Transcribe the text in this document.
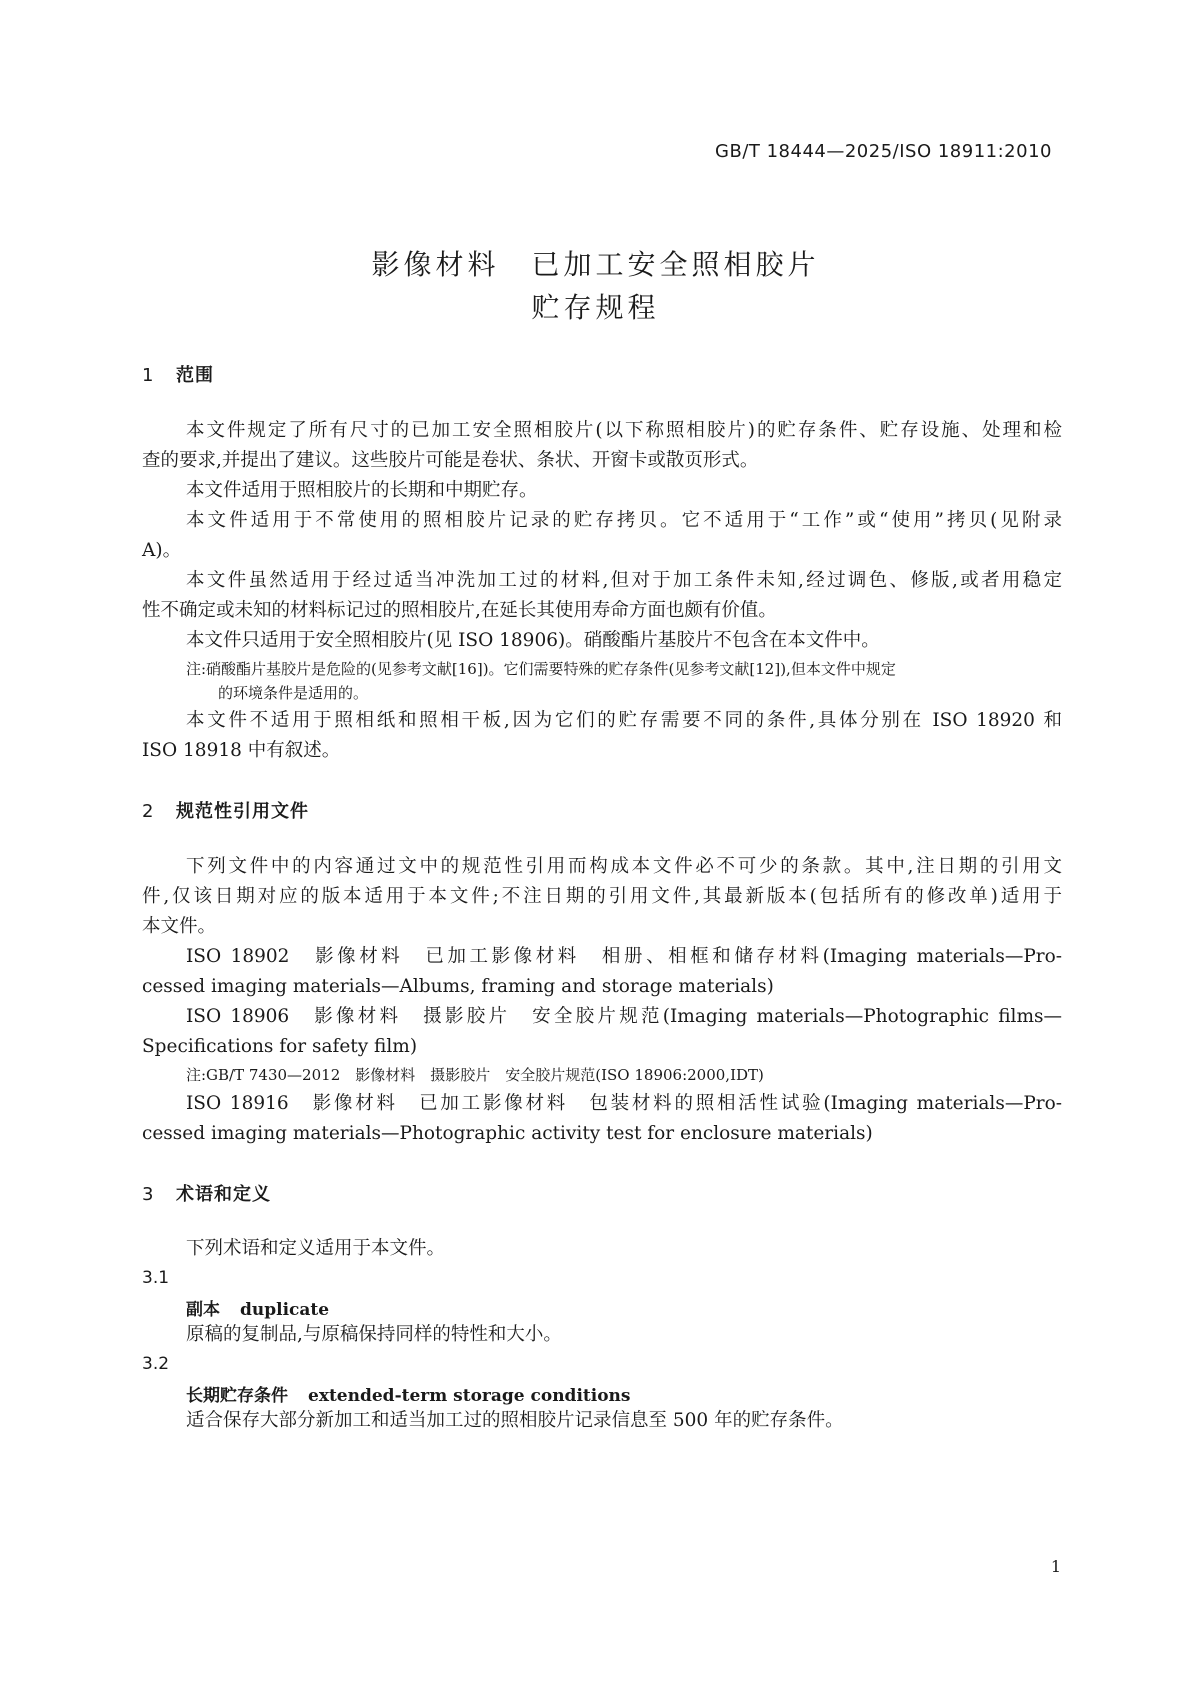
GB/T 18444—2025/ISO 18911:2010
影像材料　已加工安全照相胶片
贮存规程
1 范围
本文件规定了所有尺寸的已加工安全照相胶片(以下称照相胶片)的贮存条件、贮存设施、处理和检
查的要求,并提出了建议。这些胶片可能是卷状、条状、开窗卡或散页形式。
本文件适用于照相胶片的长期和中期贮存。
本文件适用于不常使用的照相胶片记录的贮存拷贝。它不适用于“工作”或“使用”拷贝(见附录
A)。
本文件虽然适用于经过适当冲洗加工过的材料,但对于加工条件未知,经过调色、修版,或者用稳定
性不确定或未知的材料标记过的照相胶片,在延长其使用寿命方面也颇有价值。
本文件只适用于安全照相胶片(见 ISO 18906)。硝酸酯片基胶片不包含在本文件中。
注:硝酸酯片基胶片是危险的(见参考文献[16])。它们需要特殊的贮存条件(见参考文献[12]),但本文件中规定
的环境条件是适用的。
本文件不适用于照相纸和照相干板,因为它们的贮存需要不同的条件,具体分别在 ISO 18920 和
ISO 18918 中有叙述。
2 规范性引用文件
下列文件中的内容通过文中的规范性引用而构成本文件必不可少的条款。其中,注日期的引用文
件,仅该日期对应的版本适用于本文件;不注日期的引用文件,其最新版本(包括所有的修改单)适用于
本文件。
ISO 18902　影像材料　已加工影像材料　相册、相框和储存材料(Imaging materials—Pro-
cessed imaging materials—Albums, framing and storage materials)
ISO 18906　影像材料　摄影胶片　安全胶片规范(Imaging materials—Photographic films—
Specifications for safety film)
注:GB/T 7430—2012　影像材料　摄影胶片　安全胶片规范(ISO 18906:2000,IDT)
ISO 18916　影像材料　已加工影像材料　包装材料的照相活性试验(Imaging materials—Pro-
cessed imaging materials—Photographic activity test for enclosure materials)
3 术语和定义
下列术语和定义适用于本文件。
3.1
副本 duplicate
原稿的复制品,与原稿保持同样的特性和大小。
3.2
长期贮存条件 extended-term storage conditions
适合保存大部分新加工和适当加工过的照相胶片记录信息至 500 年的贮存条件。
1
